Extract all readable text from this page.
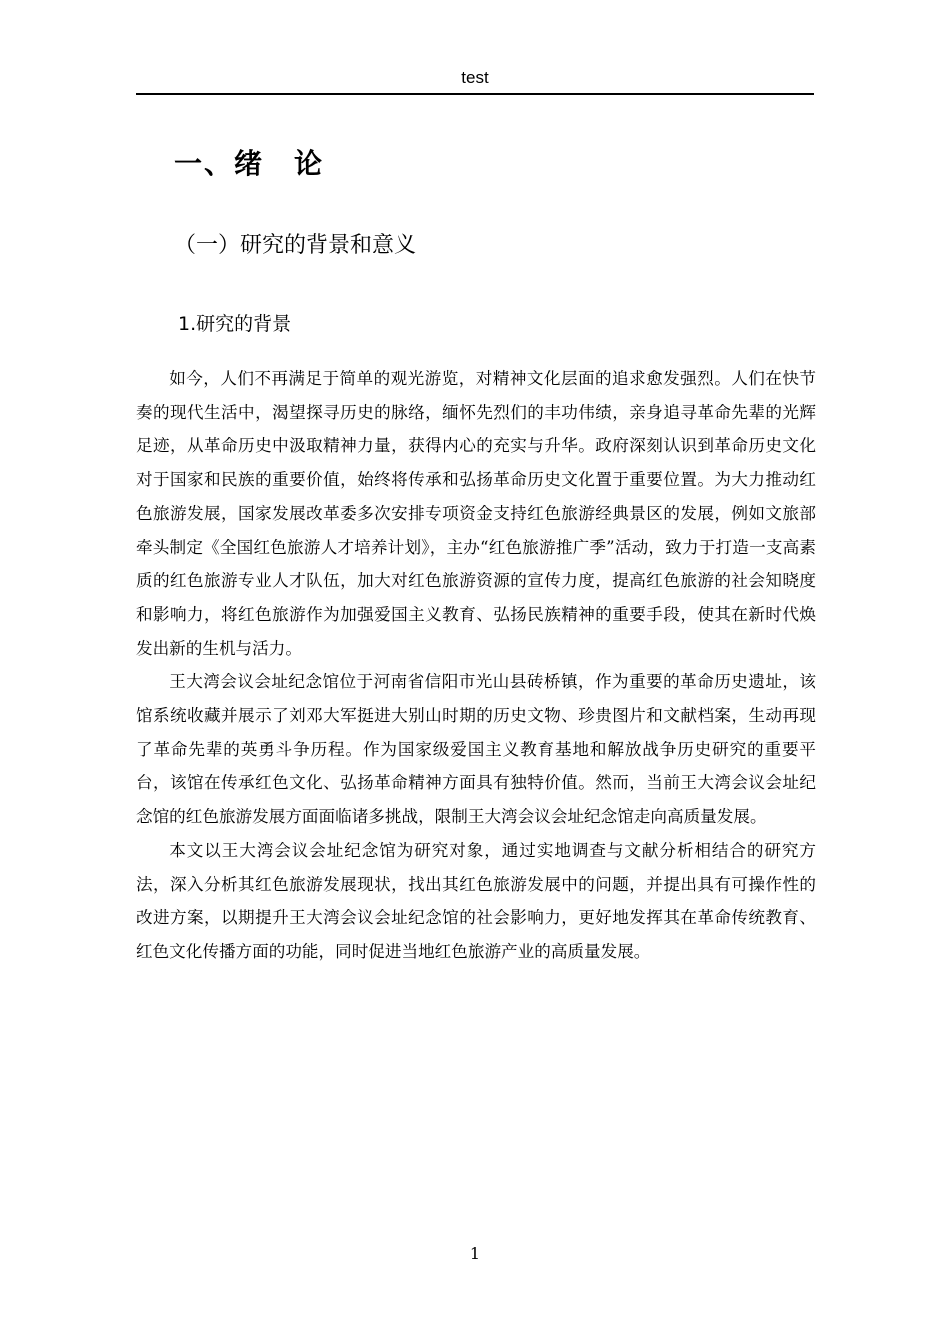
test
一、绪　论
（一）研究的背景和意义
1.研究的背景

如今，人们不再满足于简单的观光游览，对精神文化层面的追求愈发强烈。人们在快节奏的现代生活中，渴望探寻历史的脉络，缅怀先烈们的丰功伟绩，亲身追寻革命先辈的光辉足迹，从革命历史中汲取精神力量，获得内心的充实与升华。政府深刻认识到革命历史文化对于国家和民族的重要价值，始终将传承和弘扬革命历史文化置于重要位置。为大力推动红色旅游发展，国家发展改革委多次安排专项资金支持红色旅游经典景区的发展，例如文旅部牵头制定《全国红色旅游人才培养计划》，主办“红色旅游推广季”活动，致力于打造一支高素质的红色旅游专业人才队伍，加大对红色旅游资源的宣传力度，提高红色旅游的社会知晓度和影响力，将红色旅游作为加强爱国主义教育、弘扬民族精神的重要手段，使其在新时代焕发出新的生机与活力。

王大湾会议会址纪念馆位于河南省信阳市光山县砖桥镇，作为重要的革命历史遗址，该馆系统收藏并展示了刘邓大军挺进大别山时期的历史文物、珍贵图片和文献档案，生动再现了革命先辈的英勇斗争历程。作为国家级爱国主义教育基地和解放战争历史研究的重要平台，该馆在传承红色文化、弘扬革命精神方面具有独特价值。然而，当前王大湾会议会址纪念馆的红色旅游发展方面面临诸多挑战，限制王大湾会议会址纪念馆走向高质量发展。

本文以王大湾会议会址纪念馆为研究对象，通过实地调查与文献分析相结合的研究方法，深入分析其红色旅游发展现状，找出其红色旅游发展中的问题，并提出具有可操作性的改进方案，以期提升王大湾会议会址纪念馆的社会影响力，更好地发挥其在革命传统教育、红色文化传播方面的功能，同时促进当地红色旅游产业的高质量发展。

1
